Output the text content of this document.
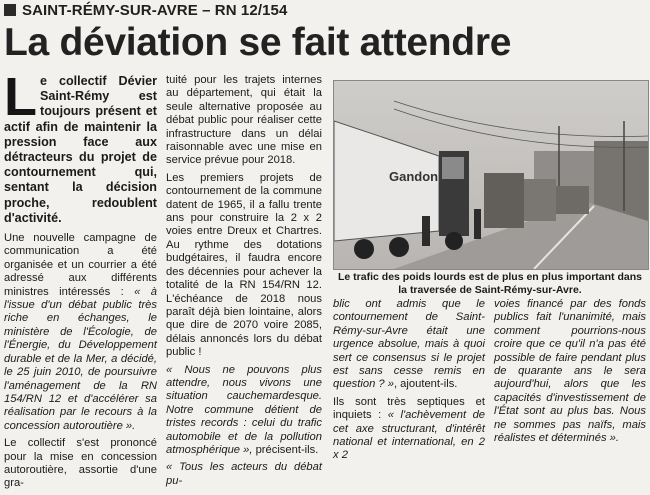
SAINT-RÉMY-SUR-AVRE – RN 12/154
La déviation se fait attendre
Le collectif Dévier Saint-Rémy est toujours présent et actif afin de maintenir la pression face aux détracteurs du projet de contournement qui, sentant la décision proche, redoublent d'activité.

Une nouvelle campagne de communication a été organisée et un courrier a été adressé aux différents ministres intéressés : « à l'issue d'un débat public très riche en échanges, le ministère de l'Écologie, de l'Énergie, du Développement durable et de la Mer, a décidé, le 25 juin 2010, de poursuivre l'aménagement de la RN 154/RN 12 et d'accélérer sa réalisation par le recours à la concession autoroutière ».

Le collectif s'est prononcé pour la mise en concession autoroutière, assortie d'une gra-

tuité pour les trajets internes au département, qui était la seule alternative proposée au débat public pour réaliser cette infrastructure dans un délai raisonnable avec une mise en service prévue pour 2018.

Les premiers projets de contournement de la commune datent de 1965, il a fallu trente ans pour construire la 2 x 2 voies entre Dreux et Chartres. Au rythme des dotations budgétaires, il faudra encore des décennies pour achever la totalité de la RN 154/RN 12. L'échéance de 2018 nous paraît déjà bien lointaine, alors que dire de 2070 voire 2085, délais annoncés lors du débat public !

« Nous ne pouvons plus attendre, nous vivons une situation cauchemardesque. Notre commune détient de tristes records : celui du trafic automobile et de la pollution atmosphérique », précisent-ils.

« Tous les acteurs du débat pu-

Gandon
Le trafic des poids lourds est de plus en plus important dans la traversée de Saint-Rémy-sur-Avre.

blic ont admis que le contournement de Saint-Rémy-sur-Avre était une urgence absolue, mais à quoi sert ce consensus si le projet est sans cesse remis en question ? », ajoutent-ils.

Ils sont très septiques et inquiets : « l'achèvement de cet axe structurant, d'intérêt national et international, en 2 x 2

voies financé par des fonds publics fait l'unanimité, mais comment pourrions-nous croire que ce qu'il n'a pas été possible de faire pendant plus de quarante ans le sera aujourd'hui, alors que les capacités d'investissement de l'État sont au plus bas. Nous ne sommes pas naïfs, mais réalistes et déterminés ».
